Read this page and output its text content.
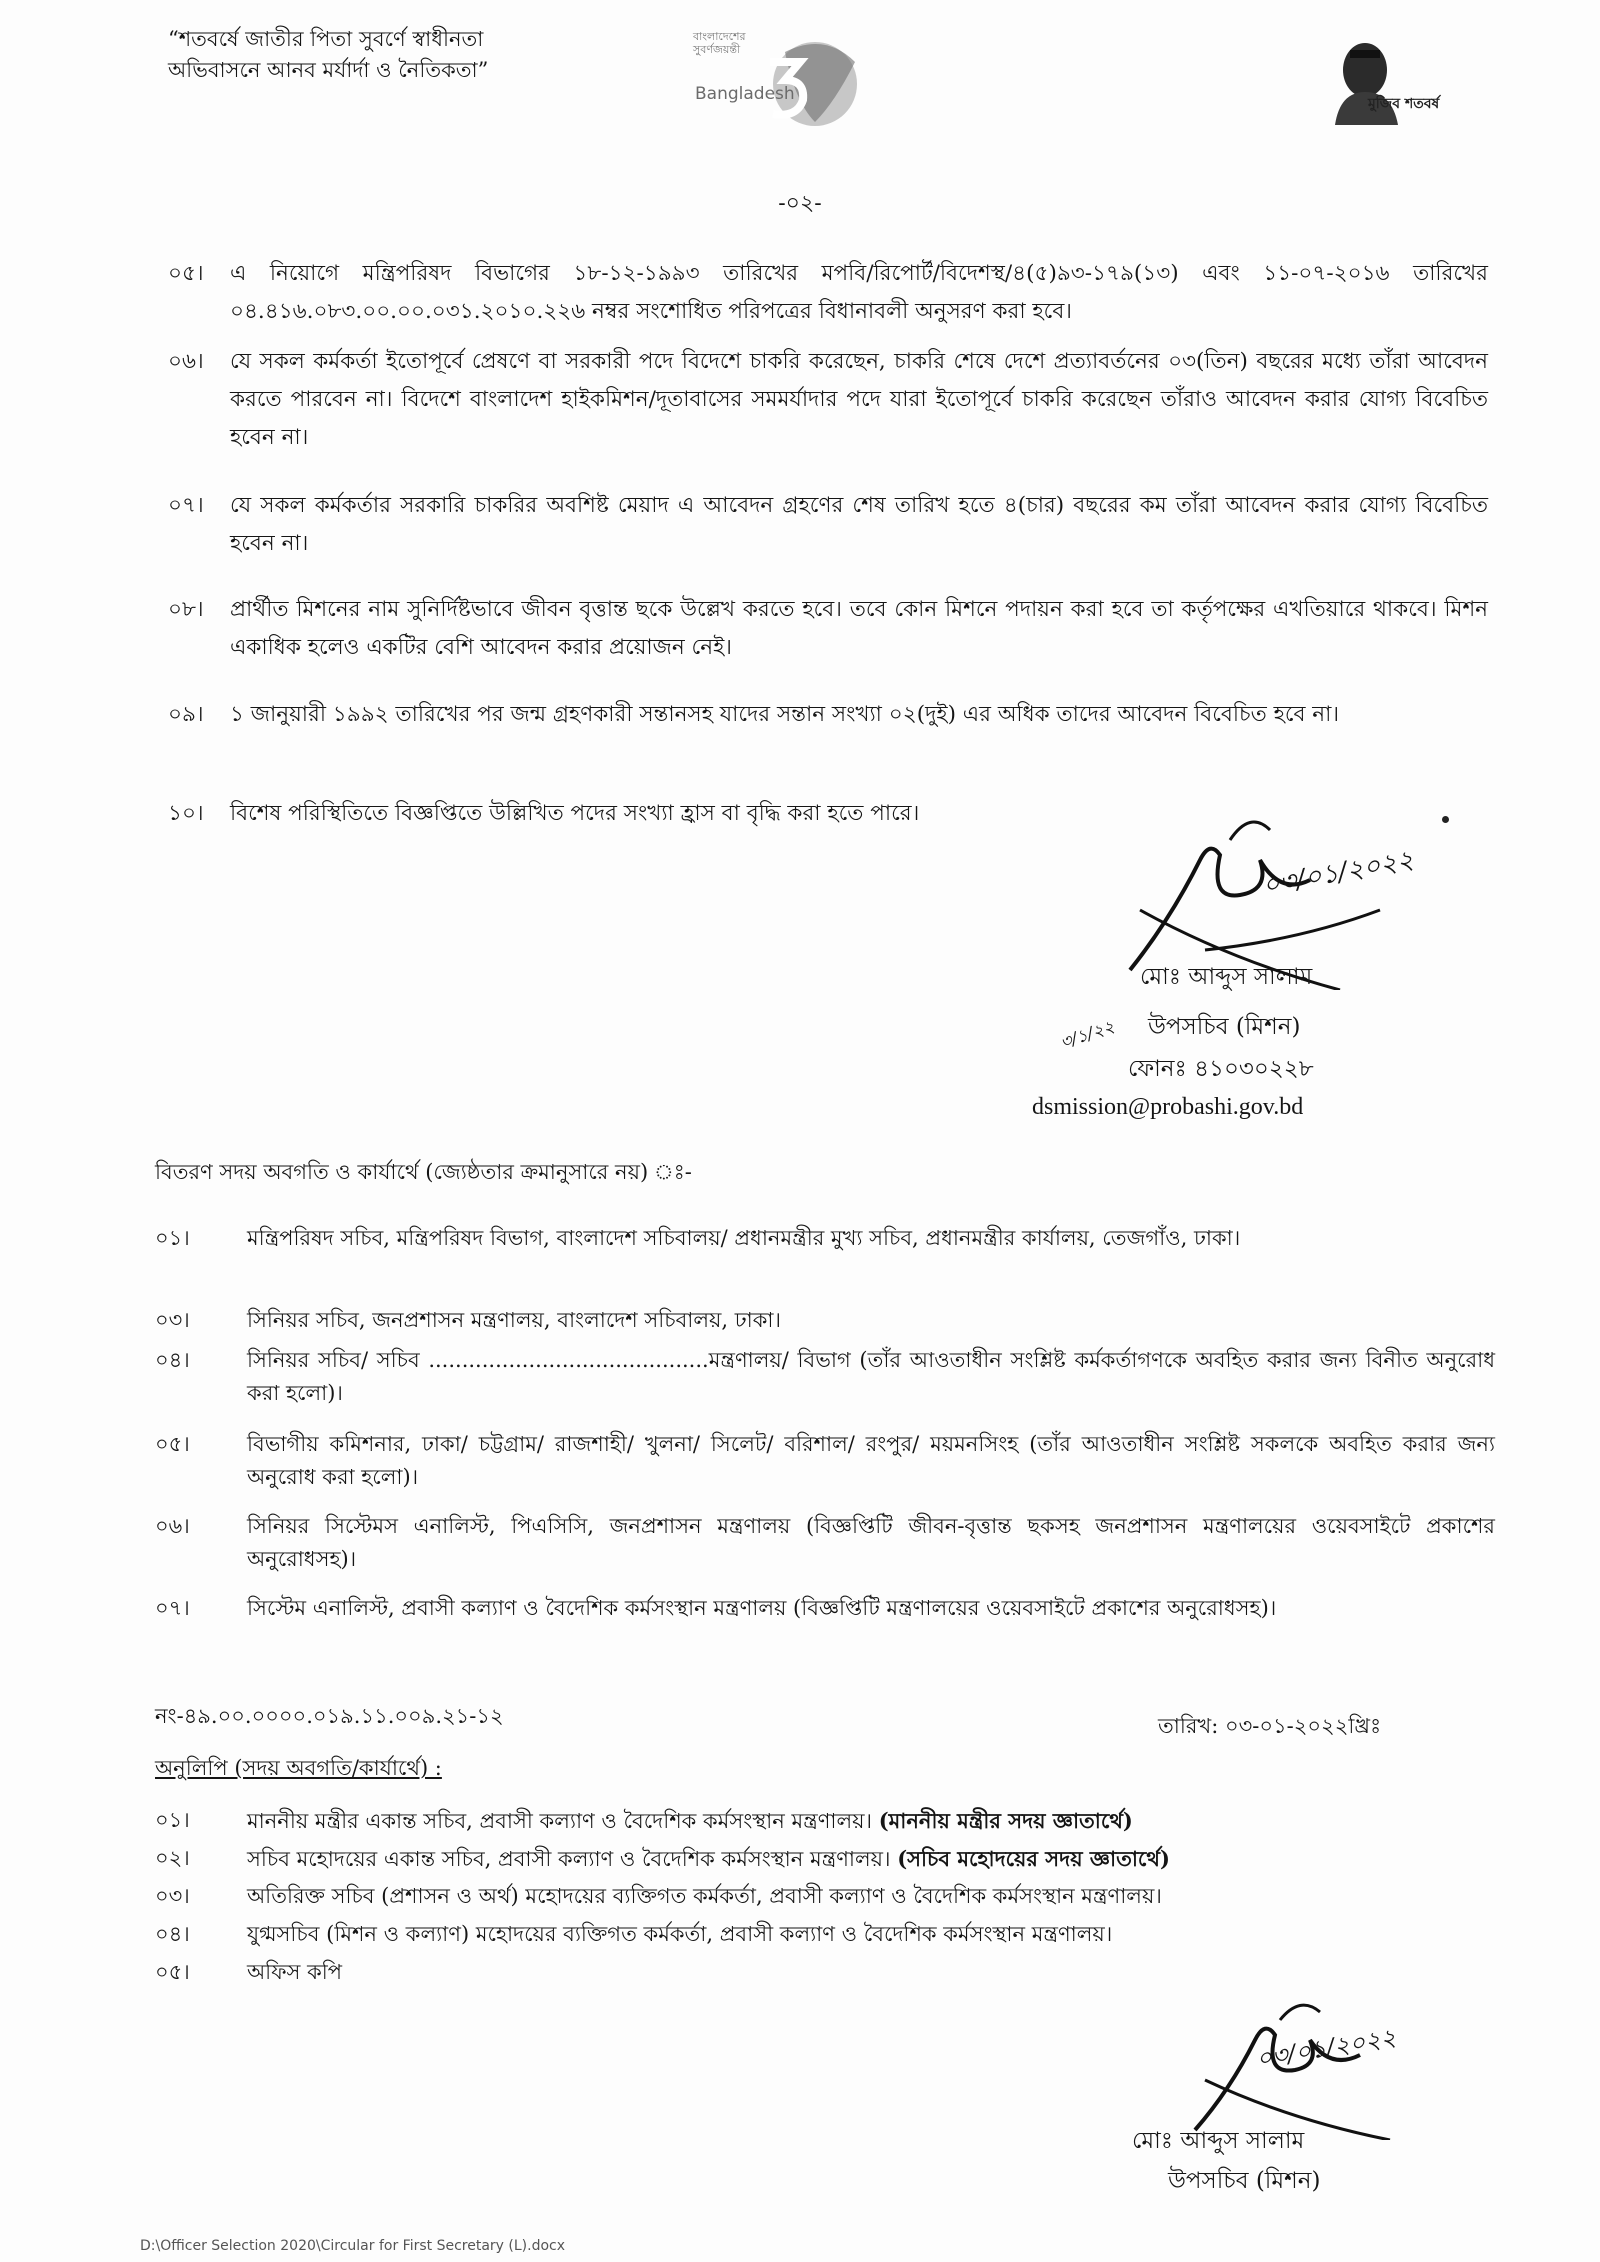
“শতবর্ষে জাতীর পিতা সুবর্ণে স্বাধীনতা
অভিবাসনে আনব মর্যার্দা ও নৈতিকতা”
বাংলাদেশের সুবর্ণজয়ন্তী
Bangladesh	মুজিব শতবর্ষ
-০২-
০৫।	এ নিয়োগে মন্ত্রিপরিষদ বিভাগের ১৮-১২-১৯৯৩ তারিখের মপবি/রিপোর্ট/বিদেশস্থ/৪(৫)৯৩-১৭৯(১৩) এবং ১১-০৭-২০১৬ তারিখের ০৪.৪১৬.০৮৩.০০.০০.০৩১.২০১০.২২৬ নম্বর সংশোধিত পরিপত্রের বিধানাবলী অনুসরণ করা হবে।
০৬।	যে সকল কর্মকর্তা ইতোপূর্বে প্রেষণে বা সরকারী পদে বিদেশে চাকরি করেছেন, চাকরি শেষে দেশে প্রত্যাবর্তনের ০৩(তিন) বছরের মধ্যে তাঁরা আবেদন করতে পারবেন না। বিদেশে বাংলাদেশ হাইকমিশন/দূতাবাসের সমমর্যাদার পদে যারা ইতোপূর্বে চাকরি করেছেন তাঁরাও আবেদন করার যোগ্য বিবেচিত হবেন না।
০৭।	যে সকল কর্মকর্তার সরকারি চাকরির অবশিষ্ট মেয়াদ এ আবেদন গ্রহণের শেষ তারিখ হতে ৪(চার) বছরের কম তাঁরা আবেদন করার যোগ্য বিবেচিত হবেন না।
০৮।	প্রার্থীত মিশনের নাম সুনির্দিষ্টভাবে জীবন বৃত্তান্ত ছকে উল্লেখ করতে হবে। তবে কোন মিশনে পদায়ন করা হবে তা কর্তৃপক্ষের এখতিয়ারে থাকবে। মিশন একাধিক হলেও একটির বেশি আবেদন করার প্রয়োজন নেই।
০৯।	১ জানুয়ারী ১৯৯২ তারিখের পর জন্ম গ্রহণকারী সন্তানসহ যাদের সন্তান সংখ্যা ০২(দুই) এর অধিক তাদের আবেদন বিবেচিত হবে না।
১০।	বিশেষ পরিস্থিতিতে বিজ্ঞপ্তিতে উল্লিখিত পদের সংখ্যা হ্রাস বা বৃদ্ধি করা হতে পারে।
০৩/০১/২০২২
মোঃ আব্দুস সালাম
উপসচিব (মিশন)
৩/১/২২
ফোনঃ ৪১০৩০২২৮
dsmission@probashi.gov.bd
বিতরণ সদয় অবগতি ও কার্যার্থে (জ্যেষ্ঠতার ক্রমানুসারে নয়) ঃ-
০১।	মন্ত্রিপরিষদ সচিব, মন্ত্রিপরিষদ বিভাগ, বাংলাদেশ সচিবালয়/ প্রধানমন্ত্রীর মুখ্য সচিব, প্রধানমন্ত্রীর কার্যালয়, তেজগাঁও, ঢাকা।
০৩।	সিনিয়র সচিব, জনপ্রশাসন মন্ত্রণালয়, বাংলাদেশ সচিবালয়, ঢাকা।
০৪।	সিনিয়র সচিব/ সচিব ..........................................মন্ত্রণালয়/ বিভাগ (তাঁর আওতাধীন সংশ্লিষ্ট কর্মকর্তাগণকে অবহিত করার জন্য বিনীত অনুরোধ করা হলো)।
০৫।	বিভাগীয় কমিশনার, ঢাকা/ চট্টগ্রাম/ রাজশাহী/ খুলনা/ সিলেট/ বরিশাল/ রংপুর/ ময়মনসিংহ (তাঁর আওতাধীন সংশ্লিষ্ট সকলকে অবহিত করার জন্য অনুরোধ করা হলো)।
০৬।	সিনিয়র সিস্টেমস এনালিস্ট, পিএসিসি, জনপ্রশাসন মন্ত্রণালয় (বিজ্ঞপ্তিটি জীবন-বৃত্তান্ত ছকসহ জনপ্রশাসন মন্ত্রণালয়ের ওয়েবসাইটে প্রকাশের অনুরোধসহ)।
০৭।	সিস্টেম এনালিস্ট, প্রবাসী কল্যাণ ও বৈদেশিক কর্মসংস্থান মন্ত্রণালয় (বিজ্ঞপ্তিটি মন্ত্রণালয়ের ওয়েবসাইটে প্রকাশের অনুরোধসহ)।
নং-৪৯.০০.০০০০.০১৯.১১.০০৯.২১-১২	তারিখ: ০৩-০১-২০২২খ্রিঃ
অনুলিপি (সদয় অবগতি/কার্যার্থে) :
০১।	মাননীয় মন্ত্রীর একান্ত সচিব, প্রবাসী কল্যাণ ও বৈদেশিক কর্মসংস্থান মন্ত্রণালয়। (মাননীয় মন্ত্রীর সদয় জ্ঞাতার্থে)
০২।	সচিব মহোদয়ের একান্ত সচিব, প্রবাসী কল্যাণ ও বৈদেশিক কর্মসংস্থান মন্ত্রণালয়। (সচিব মহোদয়ের সদয় জ্ঞাতার্থে)
০৩।	অতিরিক্ত সচিব (প্রশাসন ও অর্থ) মহোদয়ের ব্যক্তিগত কর্মকর্তা, প্রবাসী কল্যাণ ও বৈদেশিক কর্মসংস্থান মন্ত্রণালয়।
০৪।	যুগ্মসচিব (মিশন ও কল্যাণ) মহোদয়ের ব্যক্তিগত কর্মকর্তা, প্রবাসী কল্যাণ ও বৈদেশিক কর্মসংস্থান মন্ত্রণালয়।
০৫।	অফিস কপি
০৩/০১/২০২২
মোঃ আব্দুস সালাম
উপসচিব (মিশন)
D:\Officer Selection 2020\Circular for First Secretary (L).docx
